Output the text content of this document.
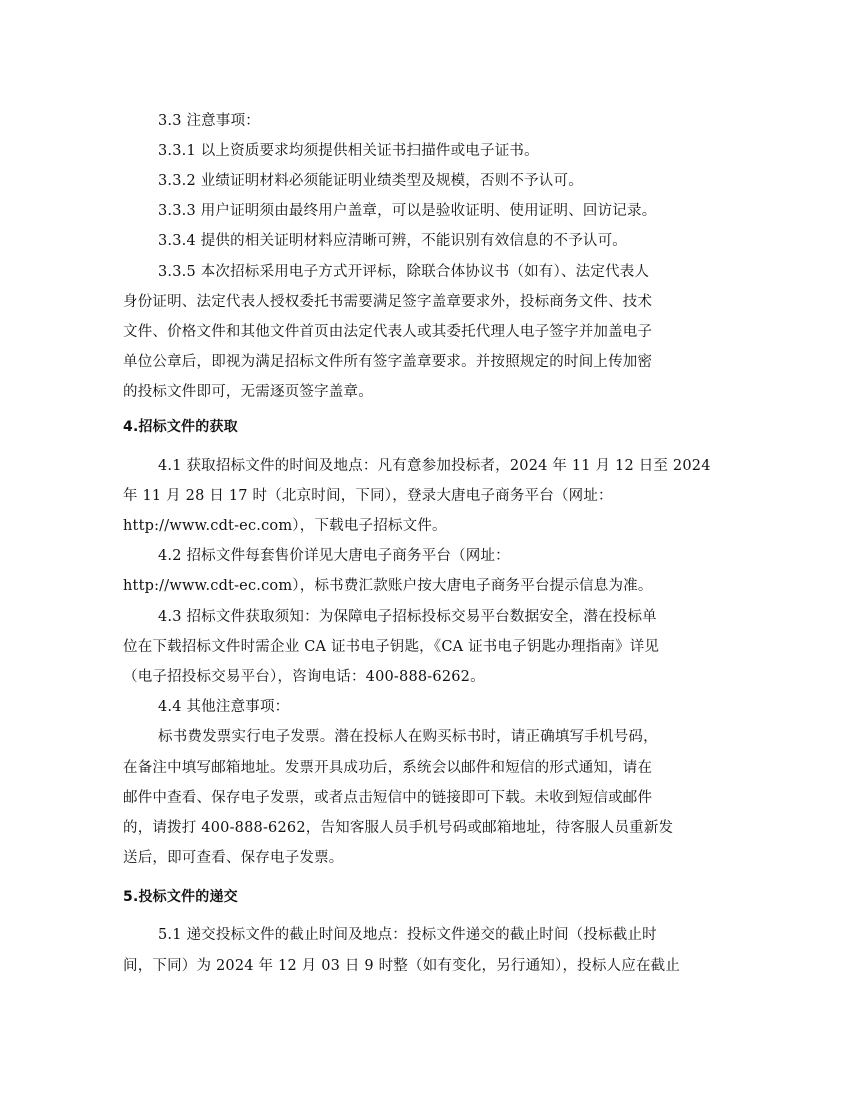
3.3 注意事项：
3.3.1 以上资质要求均须提供相关证书扫描件或电子证书。
3.3.2 业绩证明材料必须能证明业绩类型及规模，否则不予认可。
3.3.3 用户证明须由最终用户盖章，可以是验收证明、使用证明、回访记录。
3.3.4 提供的相关证明材料应清晰可辨，不能识别有效信息的不予认可。
3.3.5 本次招标采用电子方式开评标，除联合体协议书（如有）、法定代表人
身份证明、法定代表人授权委托书需要满足签字盖章要求外，投标商务文件、技术
文件、价格文件和其他文件首页由法定代表人或其委托代理人电子签字并加盖电子
单位公章后，即视为满足招标文件所有签字盖章要求。并按照规定的时间上传加密
的投标文件即可，无需逐页签字盖章。
4.招标文件的获取
4.1 获取招标文件的时间及地点：凡有意参加投标者，2024 年 11 月 12 日至 2024
年 11 月 28 日 17 时（北京时间，下同），登录大唐电子商务平台（网址：
http://www.cdt-ec.com），下载电子招标文件。
4.2 招标文件每套售价详见大唐电子商务平台（网址：
http://www.cdt-ec.com），标书费汇款账户按大唐电子商务平台提示信息为准。
4.3 招标文件获取须知：为保障电子招标投标交易平台数据安全，潜在投标单
位在下载招标文件时需企业 CA 证书电子钥匙，《CA 证书电子钥匙办理指南》详见
（电子招投标交易平台），咨询电话：400-888-6262。
4.4 其他注意事项：
标书费发票实行电子发票。潜在投标人在购买标书时，请正确填写手机号码，
在备注中填写邮箱地址。发票开具成功后，系统会以邮件和短信的形式通知，请在
邮件中查看、保存电子发票，或者点击短信中的链接即可下载。未收到短信或邮件
的，请拨打 400-888-6262，告知客服人员手机号码或邮箱地址，待客服人员重新发
送后，即可查看、保存电子发票。
5.投标文件的递交
5.1 递交投标文件的截止时间及地点：投标文件递交的截止时间（投标截止时
间，下同）为 2024 年 12 月 03 日 9 时整（如有变化，另行通知），投标人应在截止
